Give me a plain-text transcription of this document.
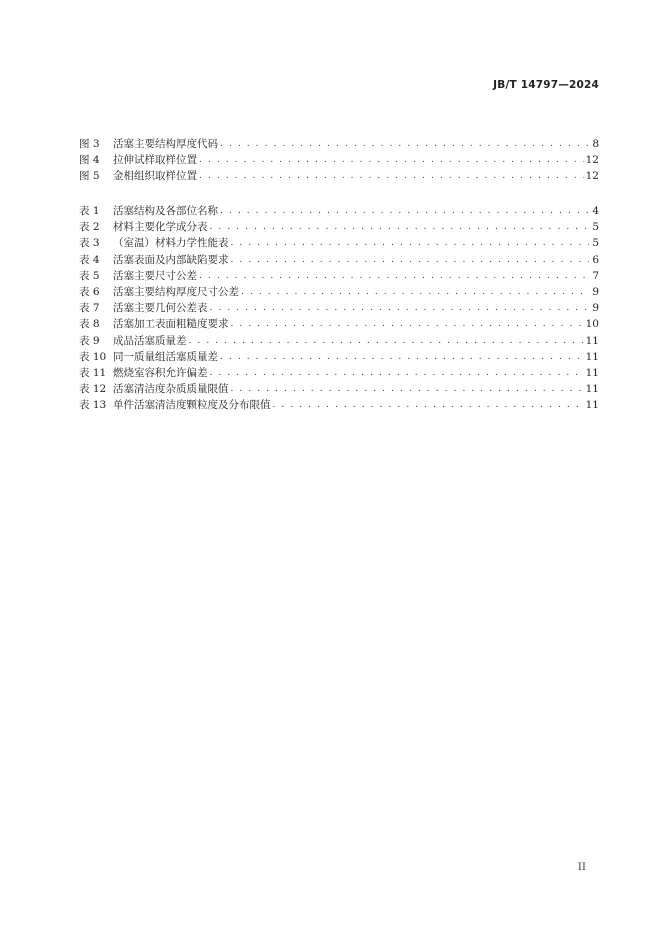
JB/T 14797—2024
图 3	活塞主要结构厚度代码 . . .	8
图 4	拉伸试样取样位置 . . .	12
图 5	金相组织取样位置 . . .	12
表 1	活塞结构及各部位名称 . . .	4
表 2	材料主要化学成分表 . . .	5
表 3	（室温）材料力学性能表 . . .	5
表 4	活塞表面及内部缺陷要求 . . .	6
表 5	活塞主要尺寸公差 . . .	7
表 6	活塞主要结构厚度尺寸公差 . . .	9
表 7	活塞主要几何公差表 . . .	9
表 8	活塞加工表面粗糙度要求 . . .	10
表 9	成品活塞质量差 . . .	11
表 10 同一质量组活塞质量差 . . .	11
表 11 燃烧室容积允许偏差 . . .	11
表 12 活塞清洁度杂质质量限值 . . .	11
表 13 单件活塞清洁度颗粒度及分布限值 . . .	11
II
